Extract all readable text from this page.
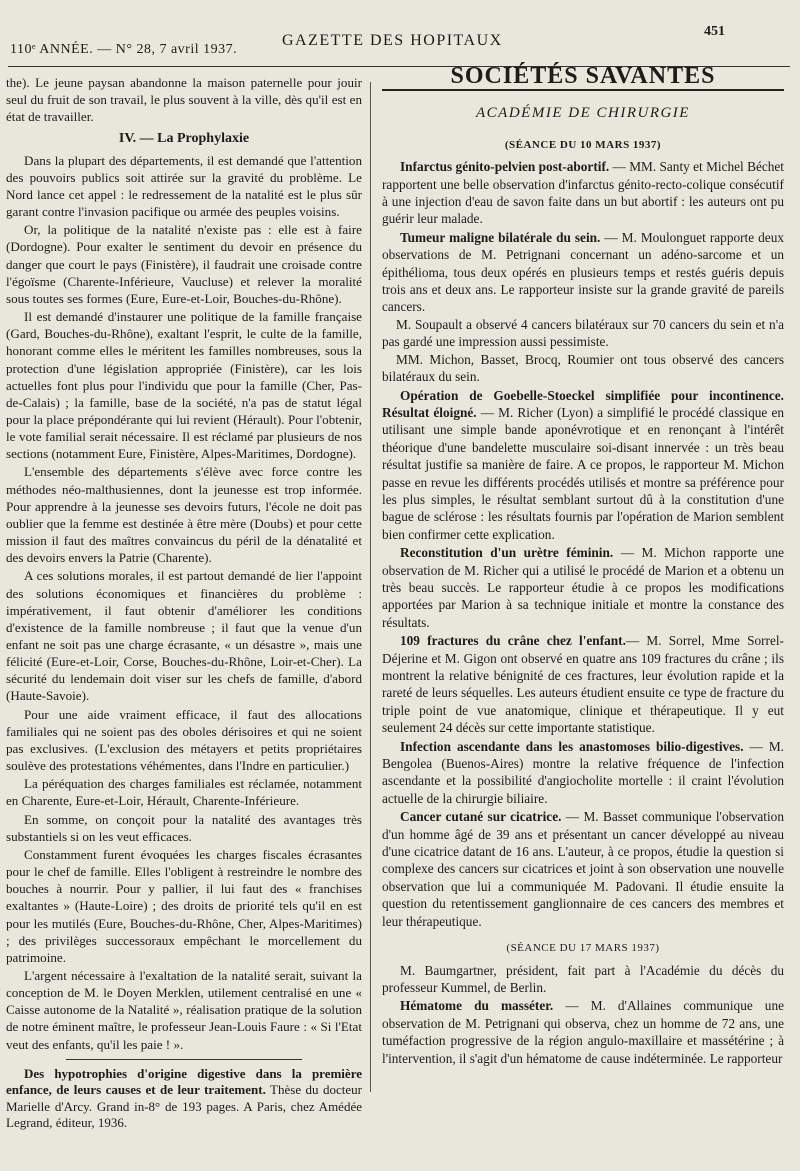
110ᵉ ANNÉE. — N° 28, 7 avril 1937.
GAZETTE DES HOPITAUX
451

the). Le jeune paysan abandonne la maison paternelle pour jouir seul du fruit de son travail, le plus souvent à la ville, dès qu'il est en état de travailler.

IV. — La Prophylaxie

Dans la plupart des départements, il est demandé que l'attention des pouvoirs publics soit attirée sur la gravité du problème. Le Nord lance cet appel : le redressement de la natalité est le plus sûr garant contre l'invasion pacifique ou armée des peuples voisins.

Or, la politique de la natalité n'existe pas : elle est à faire (Dordogne). Pour exalter le sentiment du devoir en présence du danger que court le pays (Finistère), il faudrait une croisade contre l'égoïsme (Charente-Inférieure, Vaucluse) et relever la moralité sous toutes ses formes (Eure, Eure-et-Loir, Bouches-du-Rhône).

Il est demandé d'instaurer une politique de la famille française (Gard, Bouches-du-Rhône), exaltant l'esprit, le culte de la famille, honorant comme elles le méritent les familles nombreuses, sous la protection d'une législation appropriée (Finistère), car les lois actuelles font plus pour l'individu que pour la famille (Cher, Pas-de-Calais) ; la famille, base de la société, n'a pas de statut légal pour la place prépondérante qui lui revient (Hérault). Pour l'obtenir, le vote familial serait nécessaire. Il est réclamé par plusieurs de nos sections (notamment Eure, Finistère, Alpes-Maritimes, Dordogne).

L'ensemble des départements s'élève avec force contre les méthodes néo-malthusiennes, dont la jeunesse est trop informée. Pour apprendre à la jeunesse ses devoirs futurs, l'école ne doit pas oublier que la femme est destinée à être mère (Doubs) et pour cette mission il faut des maîtres convaincus du péril de la dénatalité et des devoirs envers la Patrie (Charente).

A ces solutions morales, il est partout demandé de lier l'appoint des solutions économiques et financières du problème : impérativement, il faut obtenir d'améliorer les conditions d'existence de la famille nombreuse ; il faut que la venue d'un enfant ne soit pas une charge écrasante, « un désastre », mais une félicité (Eure-et-Loir, Corse, Bouches-du-Rhône, Loir-et-Cher). La sécurité du lendemain doit viser sur les chefs de famille, d'abord (Haute-Savoie).

Pour une aide vraiment efficace, il faut des allocations familiales qui ne soient pas des oboles dérisoires et qui ne soient pas exclusives. (L'exclusion des métayers et petits propriétaires soulève des protestations véhémentes, dans l'Indre en particulier.)

La péréquation des charges familiales est réclamée, notamment en Charente, Eure-et-Loir, Hérault, Charente-Inférieure.

En somme, on conçoit pour la natalité des avantages très substantiels si on les veut efficaces.

Constamment furent évoquées les charges fiscales écrasantes pour le chef de famille. Elles l'obligent à restreindre le nombre des bouches à nourrir. Pour y pallier, il lui faut des « franchises exaltantes » (Haute-Loire) ; des droits de priorité tels qu'il en est pour les mutilés (Eure, Bouches-du-Rhône, Cher, Alpes-Maritimes) ; des privilèges successoraux empêchant le morcellement du patrimoine.

L'argent nécessaire à l'exaltation de la natalité serait, suivant la conception de M. le Doyen Merklen, utilement centralisé en une « Caisse autonome de la Natalité », réalisation pratique de la solution de notre éminent maître, le professeur Jean-Louis Faure : « Si l'Etat veut des enfants, qu'il les paie ! ».

Des hypotrophies d'origine digestive dans la première enfance, de leurs causes et de leur traitement. Thèse du docteur Marielle d'Arcy. Grand in-8° de 193 pages. A Paris, chez Amédée Legrand, éditeur, 1936.

SOCIÉTÉS SAVANTES
ACADÉMIE DE CHIRURGIE
(SÉANCE DU 10 MARS 1937)

Infarctus génito-pelvien post-abortif. — MM. Santy et Michel Béchet rapportent une belle observation d'infarctus génito-recto-colique consécutif à une injection d'eau de savon faite dans un but abortif : les auteurs ont pu guérir leur malade.

Tumeur maligne bilatérale du sein. — M. Moulonguet rapporte deux observations de M. Petrignani concernant un adéno-sarcome et un épithélioma, tous deux opérés en plusieurs temps et restés guéris depuis trois ans et deux ans. Le rapporteur insiste sur la grande gravité de pareils cancers.

M. Soupault a observé 4 cancers bilatéraux sur 70 cancers du sein et n'a pas gardé une impression aussi pessimiste.

MM. Michon, Basset, Brocq, Roumier ont tous observé des cancers bilatéraux du sein.

Opération de Goebelle-Stoeckel simplifiée pour incontinence. Résultat éloigné. — M. Richer (Lyon) a simplifié le procédé classique en utilisant une simple bande aponévrotique et en renonçant à l'intérêt théorique d'une bandelette musculaire soi-disant innervée : un très beau résultat justifie sa manière de faire. A ce propos, le rapporteur M. Michon passe en revue les différents procédés utilisés et montre sa préférence pour les plus simples, le résultat semblant surtout dû à la constitution d'une bague de sclérose : les résultats fournis par l'opération de Marion semblent bien confirmer cette explication.

Reconstitution d'un urètre féminin. — M. Michon rapporte une observation de M. Richer qui a utilisé le procédé de Marion et a obtenu un très beau succès. Le rapporteur étudie à ce propos les modifications apportées par Marion à sa technique initiale et montre la constance des résultats.

109 fractures du crâne chez l'enfant.— M. Sorrel, Mme Sorrel-Déjerine et M. Gigon ont observé en quatre ans 109 fractures du crâne ; ils montrent la relative bénignité de ces fractures, leur évolution rapide et la rareté de leurs séquelles. Les auteurs étudient ensuite ce type de fracture du triple point de vue anatomique, clinique et thérapeutique. Il y eut seulement 24 décès sur cette importante statistique.

Infection ascendante dans les anastomoses bilio-digestives. — M. Bengolea (Buenos-Aires) montre la relative fréquence de l'infection ascendante et la possibilité d'angiocholite mortelle : il craint l'évolution actuelle de la chirurgie biliaire.

Cancer cutané sur cicatrice. — M. Basset communique l'observation d'un homme âgé de 39 ans et présentant un cancer développé au niveau d'une cicatrice datant de 16 ans. L'auteur, à ce propos, étudie la question si complexe des cancers sur cicatrices et joint à son observation une nouvelle observation que lui a communiquée M. Padovani. Il étudie ensuite la question du retentissement ganglionnaire de ces cancers des membres et leur thérapeutique.

(SÉANCE DU 17 MARS 1937)

M. Baumgartner, président, fait part à l'Académie du décès du professeur Kummel, de Berlin.

Hématome du masséter. — M. d'Allaines communique une observation de M. Petrignani qui observa, chez un homme de 72 ans, une tuméfaction progressive de la région angulo-maxillaire et massétérine ; à l'intervention, il s'agit d'un hématome de cause indéterminée. Le rapporteur
